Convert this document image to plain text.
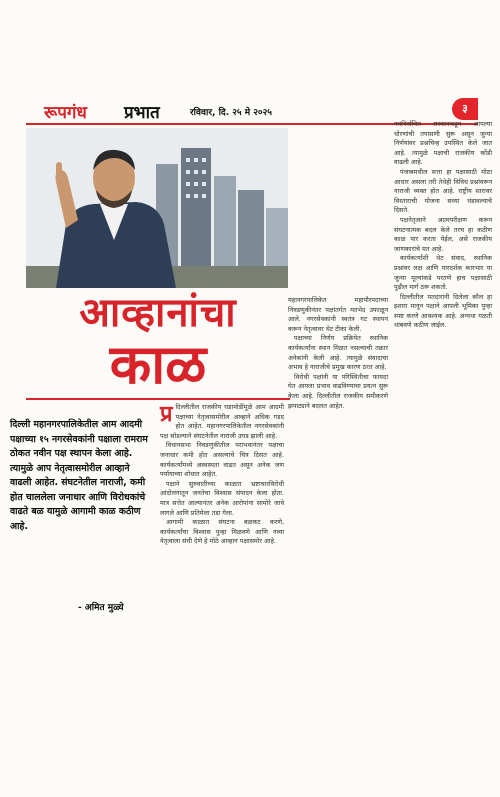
रूपगंध प्रभात	रविवार, दि. २५ मे २०२५	३
आव्हानांचा
काळ
दिल्ली महानगरपालिकेतील आम आदमी पक्षाच्या १५ नगरसेवकांनी पक्षाला रामराम ठोकत नवीन पक्ष स्थापन केला आहे. त्यामुळे आप नेतृत्वासमोरील आव्हाने वाढली आहेत. संघटनेतील नाराजी, कमी होत चाललेला जनाधार आणि विरोधकांचे वाढते बळ यामुळे आगामी काळ कठीण आहे.
- अमित मुळ्ये
प्र दिल्लीतील राजकीय घडामोडींमुळे आम आदमी पक्षाच्या नेतृत्वासमोरील आव्हाने अधिक गडद होत आहेत. महानगरपालिकेतील नगरसेवकांनी पक्ष सोडल्याने संघटनेतील नाराजी उघड झाली आहे.

विधानसभा निवडणुकीतील पराभवानंतर पक्षाचा जनाधार कमी होत असल्याचे चित्र दिसत आहे. कार्यकर्त्यांमध्ये अस्वस्थता वाढत असून अनेक जण पर्यायाच्या शोधात आहेत.

पक्षाने सुरुवातीच्या काळात भ्रष्टाचारविरोधी आंदोलनातून जनतेचा विश्वास संपादन केला होता. मात्र सत्तेत आल्यानंतर अनेक आरोपांना सामोरे जावे लागले आणि प्रतिमेला तडा गेला.

आगामी काळात संघटना बळकट करणे, कार्यकर्त्यांचा विश्वास पुन्हा मिळवणे आणि नव्या नेतृत्वाला संधी देणे हे मोठे आव्हान पक्षासमोर आहे.

महानगरपालिकेत महापौरपदाच्या निवडणुकीनंतर पक्षांतर्गत मतभेद उफाळून आले. नगरसेवकांनी स्वतंत्र गट स्थापन करून नेतृत्वावर थेट टीका केली.

पक्षाच्या निर्णय प्रक्रियेत स्थानिक कार्यकर्त्यांना स्थान मिळत नसल्याची तक्रार अनेकांनी केली आहे. त्यामुळे संवादाचा अभाव हे नाराजीचे प्रमुख कारण ठरत आहे.

विरोधी पक्षांनी या परिस्थितीचा फायदा घेत आपला प्रभाव वाढविण्याचा प्रयत्न सुरू केला आहे. दिल्लीतील राजकीय समीकरणे झपाट्याने बदलत आहेत.

नवनिर्वाचित सरकारकडून आपल्या धोरणांची तपासणी सुरू असून जुन्या निर्णयांवर प्रश्नचिन्ह उपस्थित केले जात आहे. त्यामुळे पक्षाची राजकीय कोंडी वाढली आहे.

पंजाबमधील सत्ता हा पक्षासाठी मोठा आधार असला तरी तेथेही विविध प्रश्नांवरून नाराजी व्यक्त होत आहे. राष्ट्रीय स्तरावर विस्ताराची योजना सध्या थंडावल्याचे दिसते.

पक्षनेतृत्वाने आत्मपरीक्षण करून संघटनात्मक बदल केले तरच हा कठीण काळ पार करता येईल, असे राजकीय जाणकारांचे मत आहे.

कार्यकर्त्यांशी थेट संवाद, स्थानिक प्रश्नांवर लक्ष आणि पारदर्शक कारभार या जुन्या मूल्यांकडे परतणे हाच पक्षासाठी पुढील मार्ग ठरू शकतो.

दिल्लीतील मतदारांनी दिलेला कौल हा इशारा मानून पक्षाने आपली भूमिका पुन्हा स्पष्ट करणे आवश्यक आहे. अन्यथा गळती थांबवणे कठीण जाईल.
